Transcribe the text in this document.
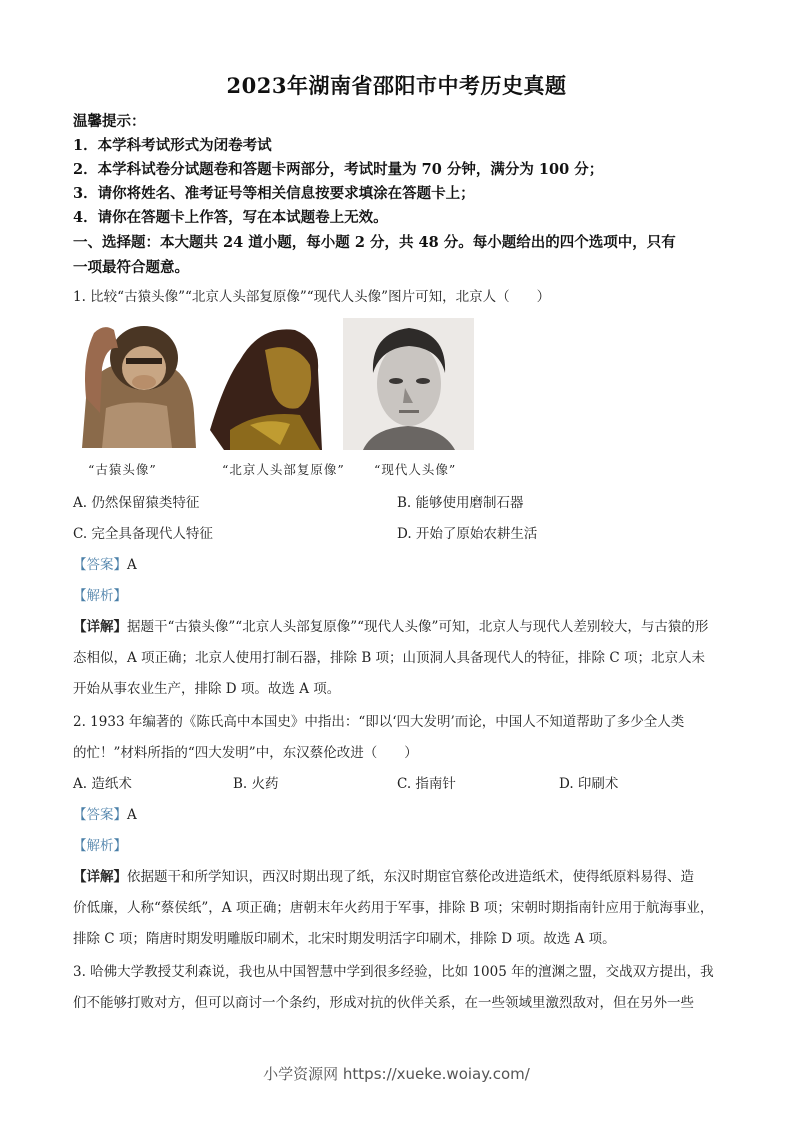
2023年湖南省邵阳市中考历史真题
温馨提示：
1．本学科考试形式为闭卷考试
2．本学科试卷分试题卷和答题卡两部分，考试时量为 70 分钟，满分为 100 分；
3．请你将姓名、准考证号等相关信息按要求填涂在答题卡上；
4．请你在答题卡上作答，写在本试题卷上无效。
一、选择题：本大题共 24 道小题，每小题 2 分，共 48 分。每小题给出的四个选项中，只有
一项最符合题意。
1. 比较“古猿头像”“北京人头部复原像”“现代人头像”图片可知，北京人（　　）
“古猿头像”	“北京人头部复原像” “现代人头像”
A. 仍然保留猿类特征	B. 能够使用磨制石器
C. 完全具备现代人特征	D. 开始了原始农耕生活
【答案】A
【解析】
【详解】据题干“古猿头像”“北京人头部复原像”“现代人头像”可知，北京人与现代人差别较大，与古猿的形
态相似，A 项正确；北京人使用打制石器，排除 B 项；山顶洞人具备现代人的特征，排除 C 项；北京人未
开始从事农业生产，排除 D 项。故选 A 项。
2. 1933 年编著的《陈氏高中本国史》中指出：“即以‘四大发明’而论，中国人不知道帮助了多少全人类
的忙！”材料所指的“四大发明”中，东汉蔡伦改进（　　）
A. 造纸术	B. 火药	C. 指南针	D. 印刷术
【答案】A
【解析】
【详解】依据题干和所学知识，西汉时期出现了纸，东汉时期宦官蔡伦改进造纸术，使得纸原料易得、造
价低廉，人称“蔡侯纸”，A 项正确；唐朝末年火药用于军事，排除 B 项；宋朝时期指南针应用于航海事业，
排除 C 项；隋唐时期发明雕版印刷术，北宋时期发明活字印刷术，排除 D 项。故选 A 项。
3. 哈佛大学教授艾利森说，我也从中国智慧中学到很多经验，比如 1005 年的澶渊之盟，交战双方提出，我
们不能够打败对方，但可以商讨一个条约，形成对抗的伙伴关系，在一些领域里激烈敌对，但在另外一些
小学资源网 https://xueke.woiay.com/
